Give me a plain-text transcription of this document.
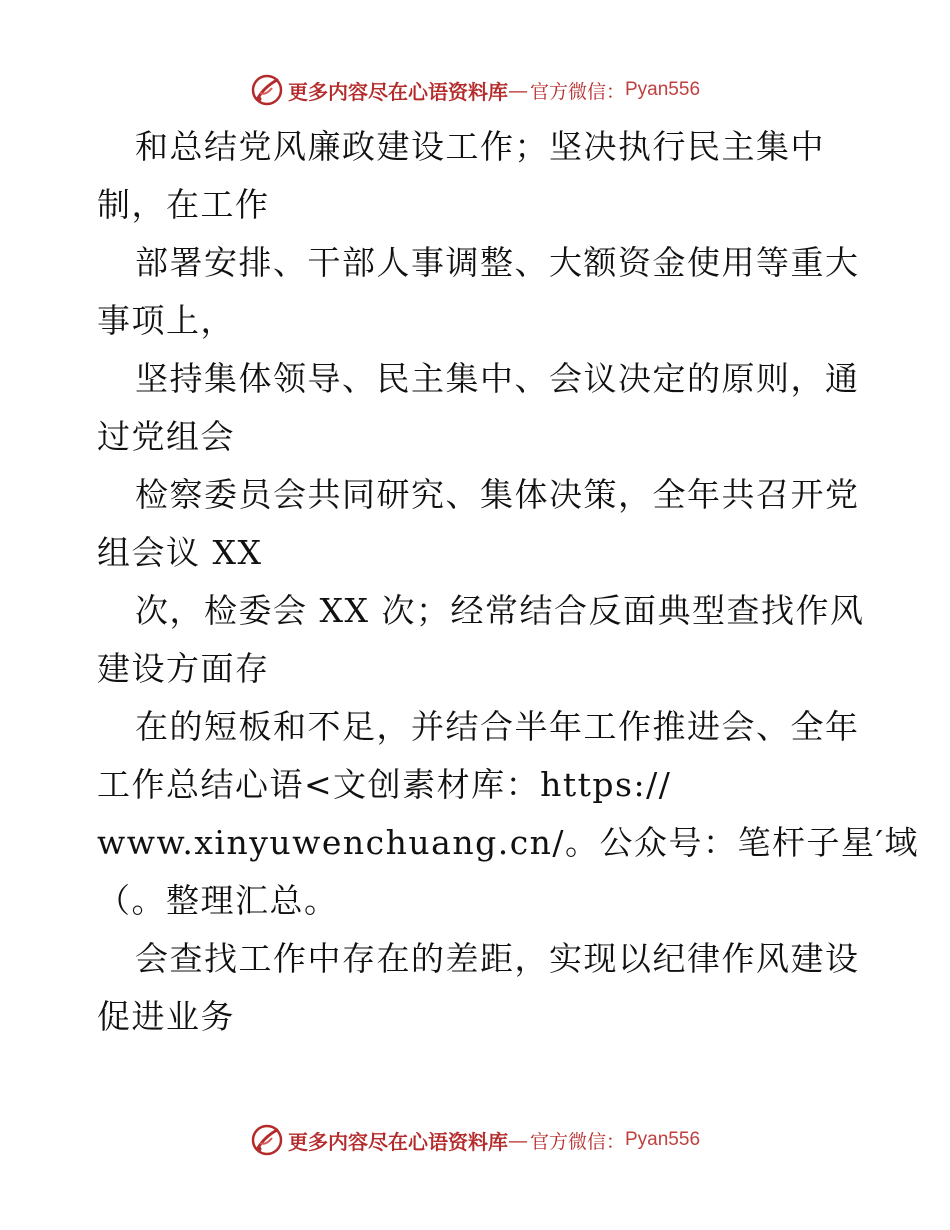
更多内容尽在心语资料库 — 官方微信： Pyan556
和总结党风廉政建设工作；坚决执行民主集中
制，在工作
部署安排、干部人事调整、大额资金使用等重大
事项上，
坚持集体领导、民主集中、会议决定的原则，通
过党组会
检察委员会共同研究、集体决策，全年共召开党
组会议 XX
次，检委会 XX 次；经常结合反面典型查找作风
建设方面存
在的短板和不足，并结合半年工作推进会、全年
工作总结心语<文创素材库：https://
www.xinyuwenchuang.cn/。公众号：笔杆子星′域
（。整理汇总。
会查找工作中存在的差距，实现以纪律作风建设
促进业务
更多内容尽在心语资料库 — 官方微信： Pyan556
